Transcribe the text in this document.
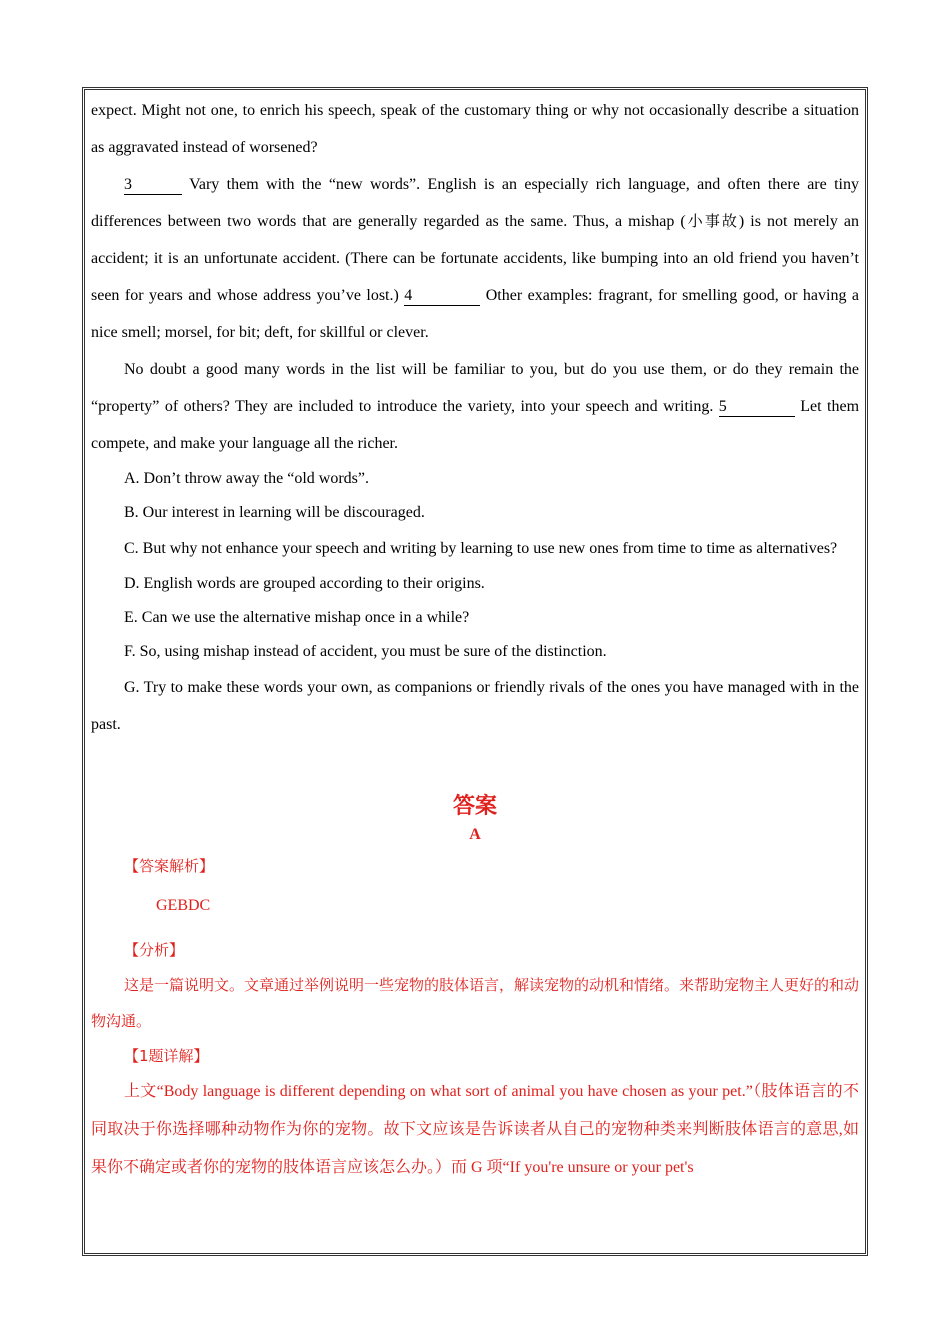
expect. Might not one, to enrich his speech, speak of the customary thing or why not occasionally describe a situation as aggravated instead of worsened?

3	Vary them with the “new words”. English is an especially rich language, and often there are tiny differences between two words that are generally regarded as the same. Thus, a mishap (小事故) is not merely an accident; it is an unfortunate accident. (There can be fortunate accidents, like bumping into an old friend you haven’t seen for years and whose address you’ve lost.) 4	Other examples: fragrant, for smelling good, or having a nice smell; morsel, for bit; deft, for skillful or clever.

No doubt a good many words in the list will be familiar to you, but do you use them, or do they remain the “property” of others? They are included to introduce the variety, into your speech and writing. 5	Let them compete, and make your language all the richer.

A. Don’t throw away the “old words”.

B. Our interest in learning will be discouraged.

C. But why not enhance your speech and writing by learning to use new ones from time to time as alternatives?

D. English words are grouped according to their origins.

E. Can we use the alternative mishap once in a while?

F. So, using mishap instead of accident, you must be sure of the distinction.

G. Try to make these words your own, as companions or friendly rivals of the ones you have managed with in the past.

答案

A

【答案解析】

GEBDC

【分析】

这是一篇说明文。文章通过举例说明一些宠物的肢体语言，解读宠物的动机和情绪。来帮助宠物主人更好的和动物沟通。

【1题详解】

上文“Body language is different depending on what sort of animal you have chosen as your pet.”（肢体语言的不同取决于你选择哪种动物作为你的宠物。故下文应该是告诉读者从自己的宠物种类来判断肢体语言的意思,如果你不确定或者你的宠物的肢体语言应该怎么办。）而 G 项“If you're unsure or your pet's
